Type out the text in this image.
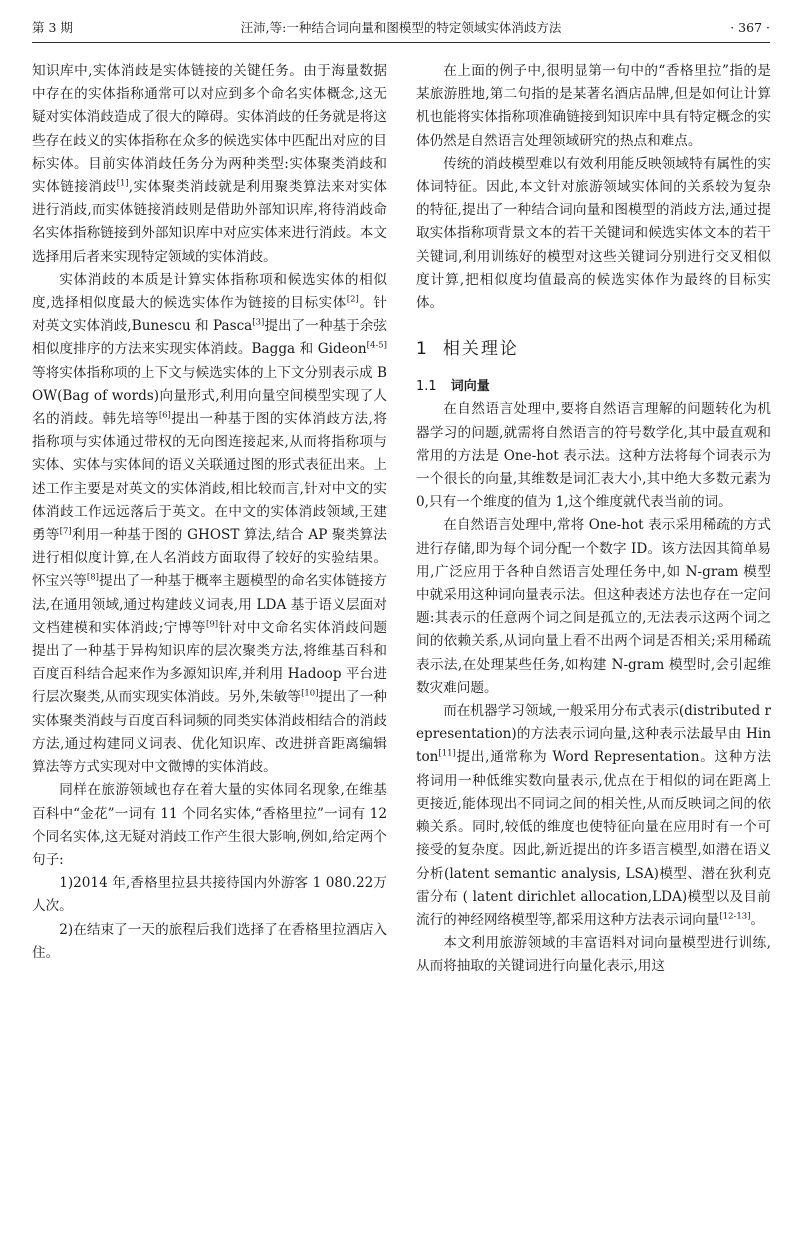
第 3 期	汪沛,等:一种结合词向量和图模型的特定领域实体消歧方法	· 367 ·

知识库中,实体消歧是实体链接的关键任务。由于海量数据中存在的实体指称通常可以对应到多个命名实体概念,这无疑对实体消歧造成了很大的障碍。实体消歧的任务就是将这些存在歧义的实体指称在众多的候选实体中匹配出对应的目标实体。目前实体消歧任务分为两种类型:实体聚类消歧和实体链接消歧[1],实体聚类消歧就是利用聚类算法来对实体进行消歧,而实体链接消歧则是借助外部知识库,将待消歧命名实体指称链接到外部知识库中对应实体来进行消歧。本文选择用后者来实现特定领域的实体消歧。

实体消歧的本质是计算实体指称项和候选实体的相似度,选择相似度最大的候选实体作为链接的目标实体[2]。针对英文实体消歧,Bunescu 和 Pasca[3]提出了一种基于余弦相似度排序的方法来实现实体消歧。Bagga 和 Gideon[4-5]等将实体指称项的上下文与候选实体的上下文分别表示成 BOW(Bag of words)向量形式,利用向量空间模型实现了人名的消歧。韩先培等[6]提出一种基于图的实体消歧方法,将指称项与实体通过带权的无向图连接起来,从而将指称项与实体、实体与实体间的语义关联通过图的形式表征出来。上述工作主要是对英文的实体消歧,相比较而言,针对中文的实体消歧工作远远落后于英文。在中文的实体消歧领域,王建勇等[7]利用一种基于图的 GHOST 算法,结合 AP 聚类算法进行相似度计算,在人名消歧方面取得了较好的实验结果。怀宝兴等[8]提出了一种基于概率主题模型的命名实体链接方法,在通用领域,通过构建歧义词表,用 LDA 基于语义层面对文档建模和实体消歧;宁博等[9]针对中文命名实体消歧问题提出了一种基于异构知识库的层次聚类方法,将维基百科和百度百科结合起来作为多源知识库,并利用 Hadoop 平台进行层次聚类,从而实现实体消歧。另外,朱敏等[10]提出了一种实体聚类消歧与百度百科词频的同类实体消歧相结合的消歧方法,通过构建同义词表、优化知识库、改进拼音距离编辑算法等方式实现对中文微博的实体消歧。

同样在旅游领域也存在着大量的实体同名现象,在维基百科中“金花”一词有 11 个同名实体,“香格里拉”一词有 12 个同名实体,这无疑对消歧工作产生很大影响,例如,给定两个句子:

1)2014 年,香格里拉县共接待国内外游客 1 080.22万人次。

2)在结束了一天的旅程后我们选择了在香格里拉酒店入住。

在上面的例子中,很明显第一句中的“香格里拉”指的是某旅游胜地,第二句指的是某著名酒店品牌,但是如何让计算机也能将实体指称项准确链接到知识库中具有特定概念的实体仍然是自然语言处理领域研究的热点和难点。

传统的消歧模型难以有效利用能反映领域特有属性的实体词特征。因此,本文针对旅游领域实体间的关系较为复杂的特征,提出了一种结合词向量和图模型的消歧方法,通过提取实体指称项背景文本的若干关键词和候选实体文本的若干关键词,利用训练好的模型对这些关键词分别进行交叉相似度计算,把相似度均值最高的候选实体作为最终的目标实体。

1 相关理论
1.1 词向量

在自然语言处理中,要将自然语言理解的问题转化为机器学习的问题,就需将自然语言的符号数学化,其中最直观和常用的方法是 One-hot 表示法。这种方法将每个词表示为一个很长的向量,其维数是词汇表大小,其中绝大多数元素为 0,只有一个维度的值为 1,这个维度就代表当前的词。

在自然语言处理中,常将 One-hot 表示采用稀疏的方式进行存储,即为每个词分配一个数字 ID。该方法因其简单易用,广泛应用于各种自然语言处理任务中,如 N-gram 模型中就采用这种词向量表示法。但这种表述方法也存在一定问题:其表示的任意两个词之间是孤立的,无法表示这两个词之间的依赖关系,从词向量上看不出两个词是否相关;采用稀疏表示法,在处理某些任务,如构建 N-gram 模型时,会引起维数灾难问题。

而在机器学习领域,一般采用分布式表示(distributed representation)的方法表示词向量,这种表示法最早由 Hinton[11]提出,通常称为 Word Representation。这种方法将词用一种低维实数向量表示,优点在于相似的词在距离上更接近,能体现出不同词之间的相关性,从而反映词之间的依赖关系。同时,较低的维度也使特征向量在应用时有一个可接受的复杂度。因此,新近提出的许多语言模型,如潜在语义分析(latent semantic analysis, LSA)模型、潜在狄利克雷分布 ( latent dirichlet allocation,LDA)模型以及目前流行的神经网络模型等,都采用这种方法表示词向量[12-13]。

本文利用旅游领域的丰富语料对词向量模型进行训练,从而将抽取的关键词进行向量化表示,用这
